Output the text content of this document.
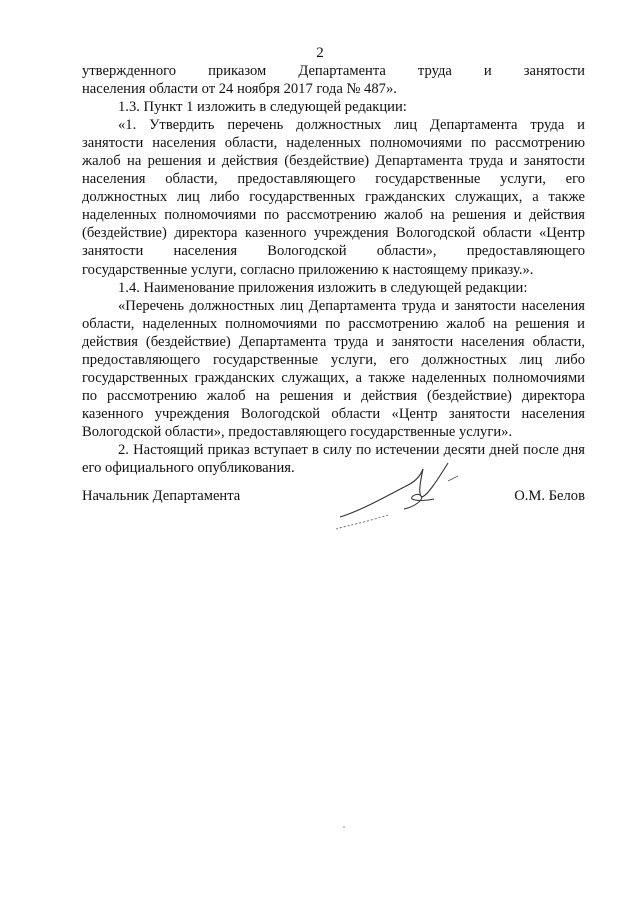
2
утвержденного приказом Департамента труда и занятости
населения области от 24 ноября 2017 года № 487».
1.3. Пункт 1 изложить в следующей редакции:
«1. Утвердить перечень должностных лиц Департамента труда и
занятости населения области, наделенных полномочиями по рассмотрению
жалоб на решения и действия (бездействие) Департамента труда и занятости
населения области, предоставляющего государственные услуги, его
должностных лиц либо государственных гражданских служащих, а также
наделенных полномочиями по рассмотрению жалоб на решения и действия
(бездействие) директора казенного учреждения Вологодской области «Центр
занятости населения Вологодской области», предоставляющего
государственные услуги, согласно приложению к настоящему приказу.».
1.4. Наименование приложения изложить в следующей редакции:
«Перечень должностных лиц Департамента труда и занятости населения
области, наделенных полномочиями по рассмотрению жалоб на решения и
действия (бездействие) Департамента труда и занятости населения области,
предоставляющего государственные услуги, его должностных лиц либо
государственных гражданских служащих, а также наделенных полномочиями
по рассмотрению жалоб на решения и действия (бездействие) директора
казенного учреждения Вологодской области «Центр занятости населения
Вологодской области», предоставляющего государственные услуги».
2. Настоящий приказ вступает в силу по истечении десяти дней после дня
его официального опубликования.
Начальник Департамента	О.М. Белов
